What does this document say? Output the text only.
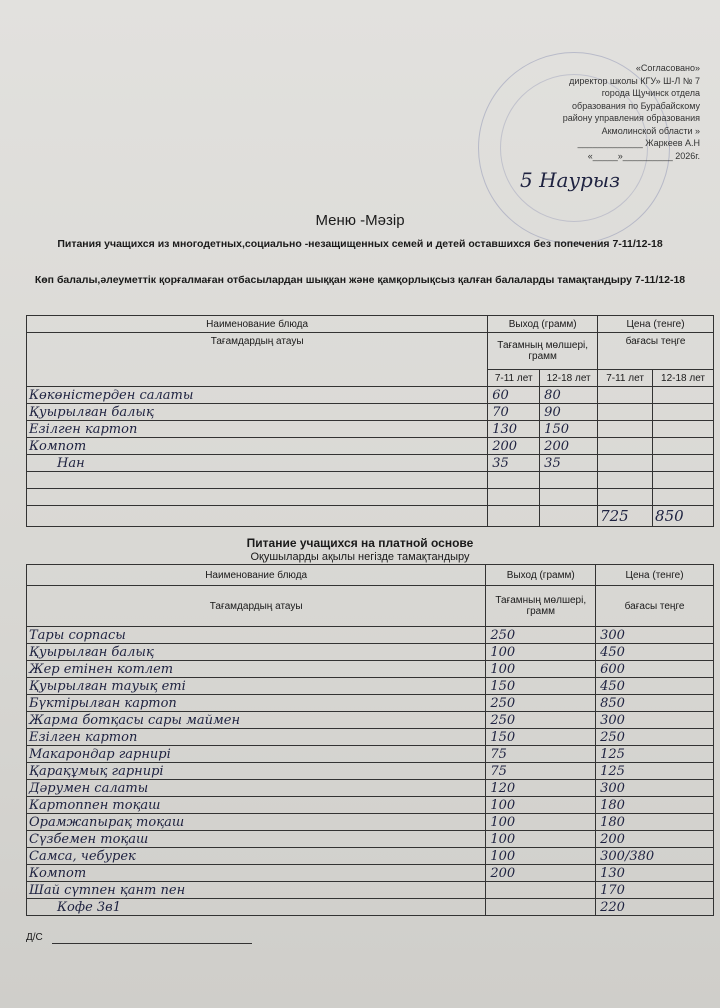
«Согласовано»
директор школы КГУ» Ш-Л № 7
города Щучинск отдела
образования по Бурабайскому
району управления образования
Акмолинской области »
_____________ Жаркеев А.Н
«_____»__________ 2026г.
5 Наурыз
Меню -Мәзір
Питания учащихся из многодетных,социально -незащищенных семей и детей оставшихся без попечения 7-11/12-18
Көп балалы,әлеуметтік қорғалмаған отбасылардан шыққан және қамқорлықсыз қалған балаларды тамақтандыру 7-11/12-18
Наименование блюда	Выход (грамм)		Цена (тенге)	
Тағамдардың атауы	Тағамның мөлшері, грамм		бағасы теңге	
	7-11 лет	12-18 лет	7-11 лет	12-18 лет
Көкөністерден салаты	60	80		
Қуырылған балық	70	90		
Езілген картоп	130	150		
Компот	200	200		
Нан	35	35		

			725	850
Питание учащихся на платной основе
Оқушыларды ақылы негізде тамақтандыру
Наименование блюда	Выход (грамм)	Цена (тенге)
Тағамдардың атауы	Тағамның мөлшері, грамм	бағасы теңге
Тары сорпасы	250	300
Қуырылған балық	100	450
Жер етінен котлет	100	600
Қуырылған тауық еті	150	450
Бүктірылған картоп	250	850
Жарма ботқасы сары маймен	250	300
Езілген картоп	150	250
Макарондар гарнирі	75	125
Қарақұмық гарнирі	75	125
Дәрумен салаты	120	300
Картоппен тоқаш	100	180
Орамжапырақ тоқаш	100	180
Сүзбемен тоқаш	100	200
Самса, чебурек	100	300/380
Компот	200	130
Шай сүтпен қант пен		170
Кофе 3в1		220
Д/С
